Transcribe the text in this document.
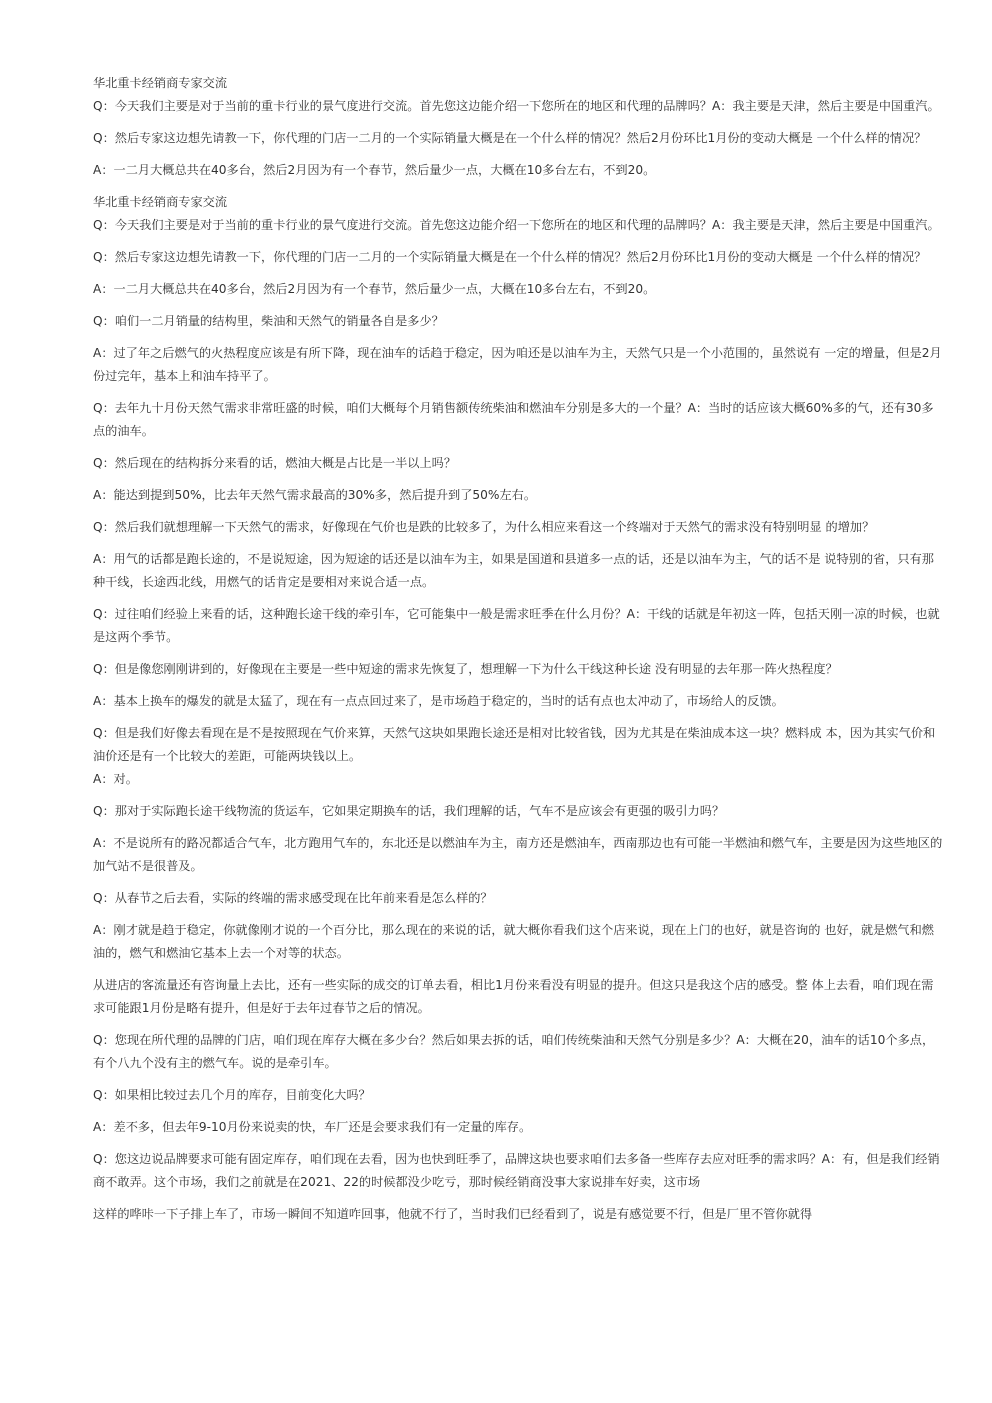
华北重卡经销商专家交流
Q：今天我们主要是对于当前的重卡行业的景气度进行交流。首先您这边能介绍一下您所在的地区和代理的品牌吗？A：我主要是天津，然后主要是中国重汽。
Q：然后专家这边想先请教一下，你代理的门店一二月的一个实际销量大概是在一个什么样的情况？然后2月份环比1月份的变动大概是 一个什么样的情况？
A：一二月大概总共在40多台，然后2月因为有一个春节，然后量少一点，大概在10多台左右，不到20。
华北重卡经销商专家交流
Q：今天我们主要是对于当前的重卡行业的景气度进行交流。首先您这边能介绍一下您所在的地区和代理的品牌吗？A：我主要是天津，然后主要是中国重汽。
Q：然后专家这边想先请教一下，你代理的门店一二月的一个实际销量大概是在一个什么样的情况？然后2月份环比1月份的变动大概是 一个什么样的情况？
A：一二月大概总共在40多台，然后2月因为有一个春节，然后量少一点，大概在10多台左右，不到20。
Q：咱们一二月销量的结构里，柴油和天然气的销量各自是多少？
A：过了年之后燃气的火热程度应该是有所下降，现在油车的话趋于稳定，因为咱还是以油车为主，天然气只是一个小范围的，虽然说有 一定的增量，但是2月份过完年，基本上和油车持平了。
Q：去年九十月份天然气需求非常旺盛的时候，咱们大概每个月销售额传统柴油和燃油车分别是多大的一个量？A：当时的话应该大概60%多的气，还有30多点的油车。
Q：然后现在的结构拆分来看的话，燃油大概是占比是一半以上吗？
A：能达到提到50%，比去年天然气需求最高的30%多，然后提升到了50%左右。
Q：然后我们就想理解一下天然气的需求，好像现在气价也是跌的比较多了，为什么相应来看这一个终端对于天然气的需求没有特别明显 的增加？
A：用气的话都是跑长途的，不是说短途，因为短途的话还是以油车为主，如果是国道和县道多一点的话，还是以油车为主，气的话不是 说特别的省，只有那种干线，长途西北线，用燃气的话肯定是要相对来说合适一点。
Q：过往咱们经验上来看的话，这种跑长途干线的牵引车，它可能集中一般是需求旺季在什么月份？A：干线的话就是年初这一阵，包括天刚一凉的时候，也就是这两个季节。
Q：但是像您刚刚讲到的，好像现在主要是一些中短途的需求先恢复了，想理解一下为什么干线这种长途 没有明显的去年那一阵火热程度？
A：基本上换车的爆发的就是太猛了，现在有一点点回过来了，是市场趋于稳定的，当时的话有点也太冲动了，市场给人的反馈。
Q：但是我们好像去看现在是不是按照现在气价来算，天然气这块如果跑长途还是相对比较省钱，因为尤其是在柴油成本这一块？燃料成 本，因为其实气价和油价还是有一个比较大的差距，可能两块钱以上。
A：对。
Q：那对于实际跑长途干线物流的货运车，它如果定期换车的话，我们理解的话，气车不是应该会有更强的吸引力吗？
A：不是说所有的路况都适合气车，北方跑用气车的，东北还是以燃油车为主，南方还是燃油车，西南那边也有可能一半燃油和燃气车，主要是因为这些地区的加气站不是很普及。
Q：从春节之后去看，实际的终端的需求感受现在比年前来看是怎么样的？
A：刚才就是趋于稳定，你就像刚才说的一个百分比，那么现在的来说的话，就大概你看我们这个店来说，现在上门的也好，就是咨询的 也好，就是燃气和燃油的，燃气和燃油它基本上去一个对等的状态。
从进店的客流量还有咨询量上去比，还有一些实际的成交的订单去看，相比1月份来看没有明显的提升。但这只是我这个店的感受。整 体上去看，咱们现在需求可能跟1月份是略有提升，但是好于去年过春节之后的情况。
Q：您现在所代理的品牌的门店，咱们现在库存大概在多少台？然后如果去拆的话，咱们传统柴油和天然气分别是多少？A：大概在20，油车的话10个多点，有个八九个没有主的燃气车。说的是牵引车。
Q：如果相比较过去几个月的库存，目前变化大吗？
A：差不多，但去年9-10月份来说卖的快，车厂还是会要求我们有一定量的库存。
Q：您这边说品牌要求可能有固定库存，咱们现在去看，因为也快到旺季了，品牌这块也要求咱们去多备一些库存去应对旺季的需求吗？A：有，但是我们经销商不敢弄。这个市场，我们之前就是在2021、22的时候都没少吃亏，那时候经销商没事大家说排车好卖，这市场
这样的哗咔一下子排上车了，市场一瞬间不知道咋回事，他就不行了，当时我们已经看到了，说是有感觉要不行，但是厂里不管你就得
